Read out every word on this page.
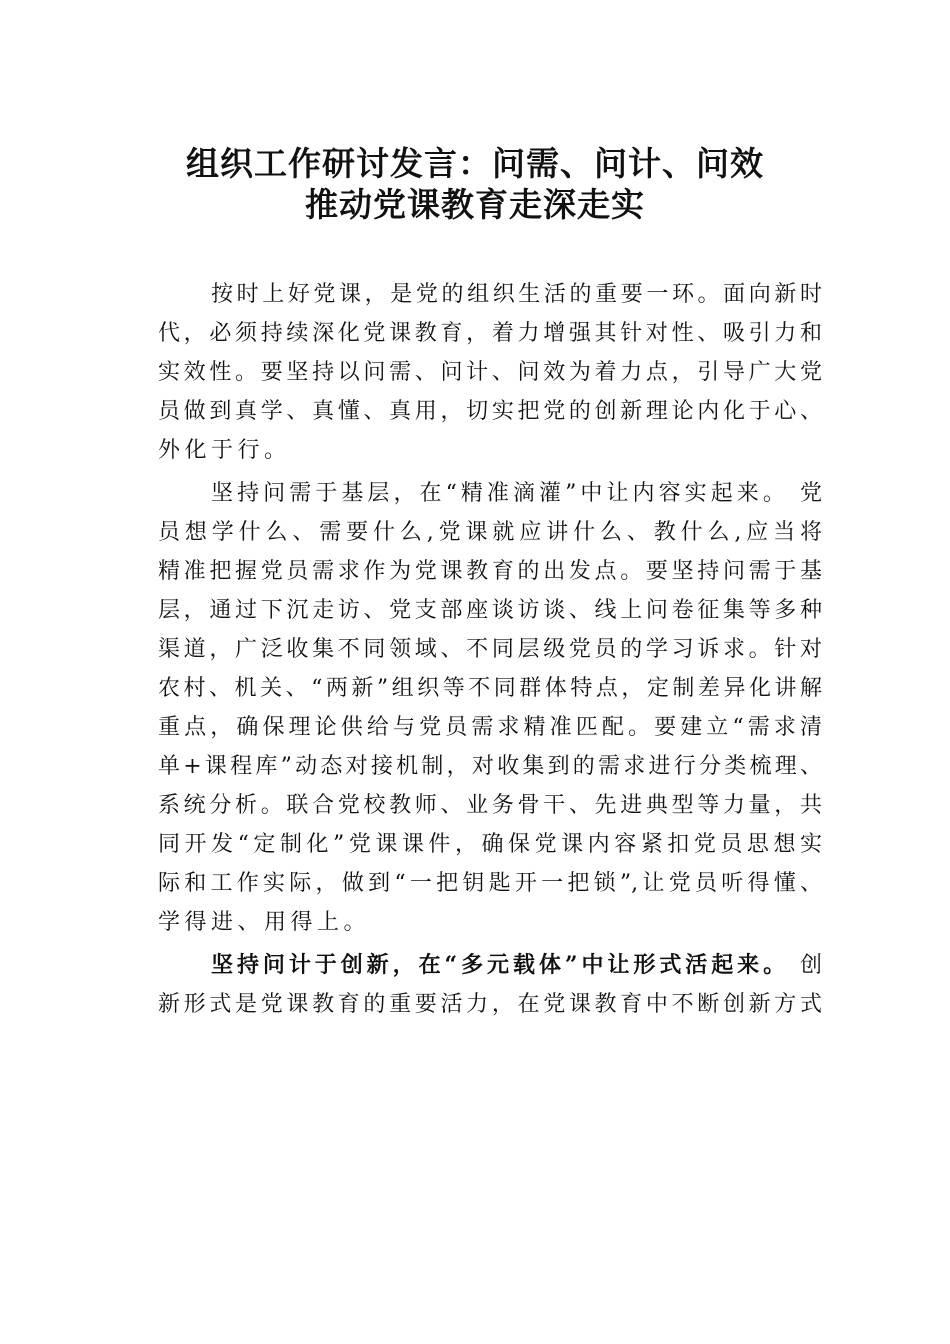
组织工作研讨发言：问需、问计、问效
推动党课教育走深走实
按时上好党课，是党的组织生活的重要一环。面向新时
代，必须持续深化党课教育，着力增强其针对性、吸引力和
实效性。要坚持以问需、问计、问效为着力点，引导广大党
员做到真学、真懂、真用，切实把党的创新理论内化于心、
外化于行。
坚持问需于基层，在“精准滴灌”中让内容实起来。 党
员想学什么、需要什么,党课就应讲什么、教什么,应当将
精准把握党员需求作为党课教育的出发点。要坚持问需于基
层，通过下沉走访、党支部座谈访谈、线上问卷征集等多种
渠道，广泛收集不同领域、不同层级党员的学习诉求。针对
农村、机关、“两新”组织等不同群体特点，定制差异化讲解
重点，确保理论供给与党员需求精准匹配。要建立“需求清
单+课程库”动态对接机制，对收集到的需求进行分类梳理、
系统分析。联合党校教师、业务骨干、先进典型等力量，共
同开发“定制化”党课课件，确保党课内容紧扣党员思想实
际和工作实际，做到“一把钥匙开一把锁”,让党员听得懂、
学得进、用得上。
坚持问计于创新，在“多元载体”中让形式活起来。 创
新形式是党课教育的重要活力，在党课教育中不断创新方式
